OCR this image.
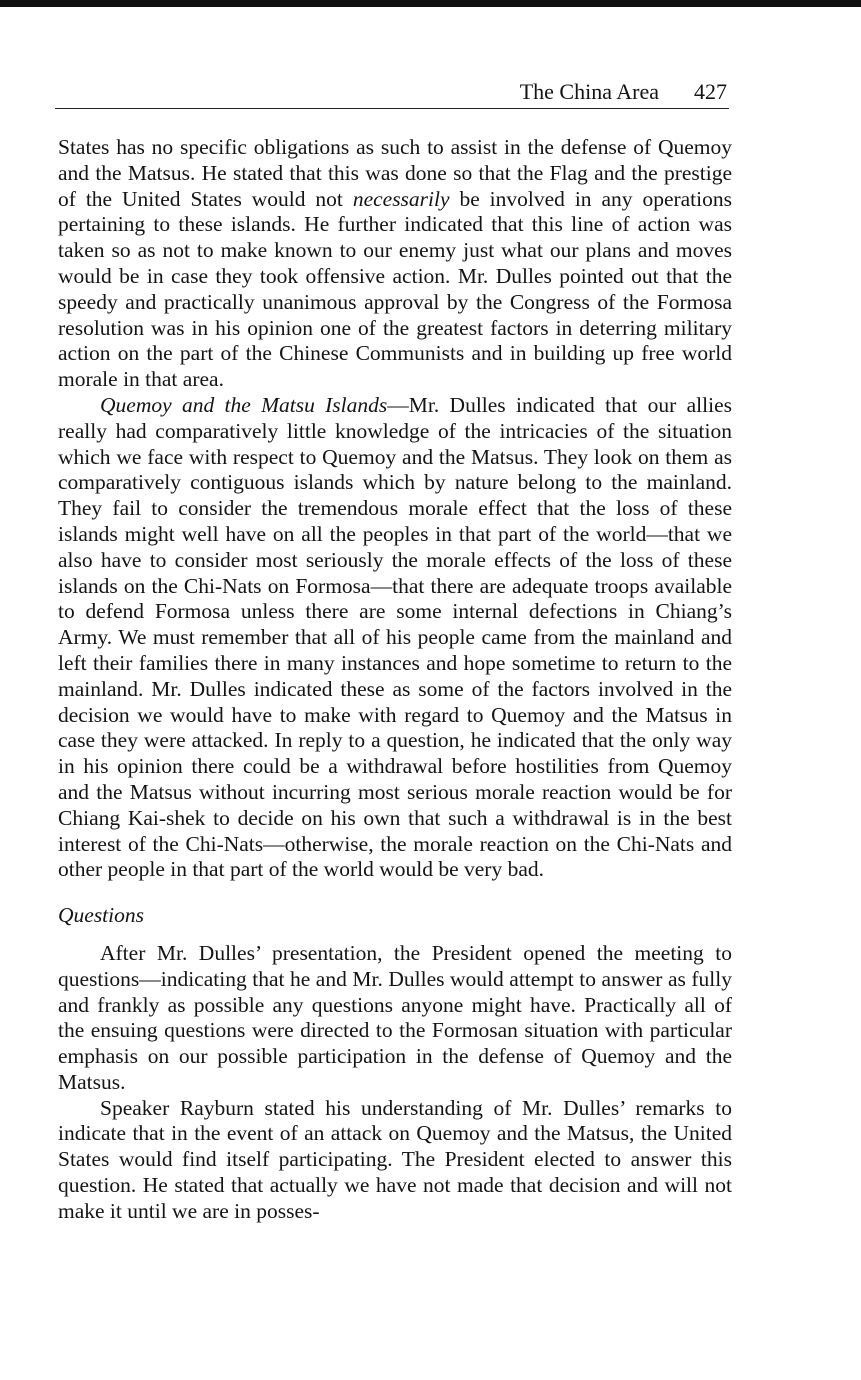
The China Area 427

States has no specific obligations as such to assist in the defense of Quemoy and the Matsus. He stated that this was done so that the Flag and the prestige of the United States would not necessarily be involved in any operations pertaining to these islands. He further indicated that this line of action was taken so as not to make known to our enemy just what our plans and moves would be in case they took offensive action. Mr. Dulles pointed out that the speedy and practically unanimous approval by the Congress of the Formosa resolution was in his opinion one of the greatest factors in deterring military action on the part of the Chinese Communists and in building up free world morale in that area.

Quemoy and the Matsu Islands—Mr. Dulles indicated that our allies really had comparatively little knowledge of the intricacies of the situation which we face with respect to Quemoy and the Matsus. They look on them as comparatively contiguous islands which by nature belong to the mainland. They fail to consider the tremendous morale effect that the loss of these islands might well have on all the peoples in that part of the world—that we also have to consider most seriously the morale effects of the loss of these islands on the Chi-Nats on Formosa—that there are adequate troops available to defend Formosa unless there are some internal defections in Chiang’s Army. We must remember that all of his people came from the mainland and left their families there in many instances and hope sometime to return to the mainland. Mr. Dulles indicated these as some of the factors involved in the decision we would have to make with regard to Quemoy and the Matsus in case they were attacked. In reply to a question, he indicated that the only way in his opinion there could be a withdrawal before hostilities from Quemoy and the Matsus without incurring most serious morale reaction would be for Chiang Kai-shek to decide on his own that such a withdrawal is in the best interest of the Chi-Nats—otherwise, the morale reaction on the Chi-Nats and other people in that part of the world would be very bad.

Questions

After Mr. Dulles’ presentation, the President opened the meeting to questions—indicating that he and Mr. Dulles would attempt to answer as fully and frankly as possible any questions anyone might have. Practically all of the ensuing questions were directed to the Formosan situation with particular emphasis on our possible participation in the defense of Quemoy and the Matsus.

Speaker Rayburn stated his understanding of Mr. Dulles’ remarks to indicate that in the event of an attack on Quemoy and the Matsus, the United States would find itself participating. The President elected to answer this question. He stated that actually we have not made that decision and will not make it until we are in posses-
